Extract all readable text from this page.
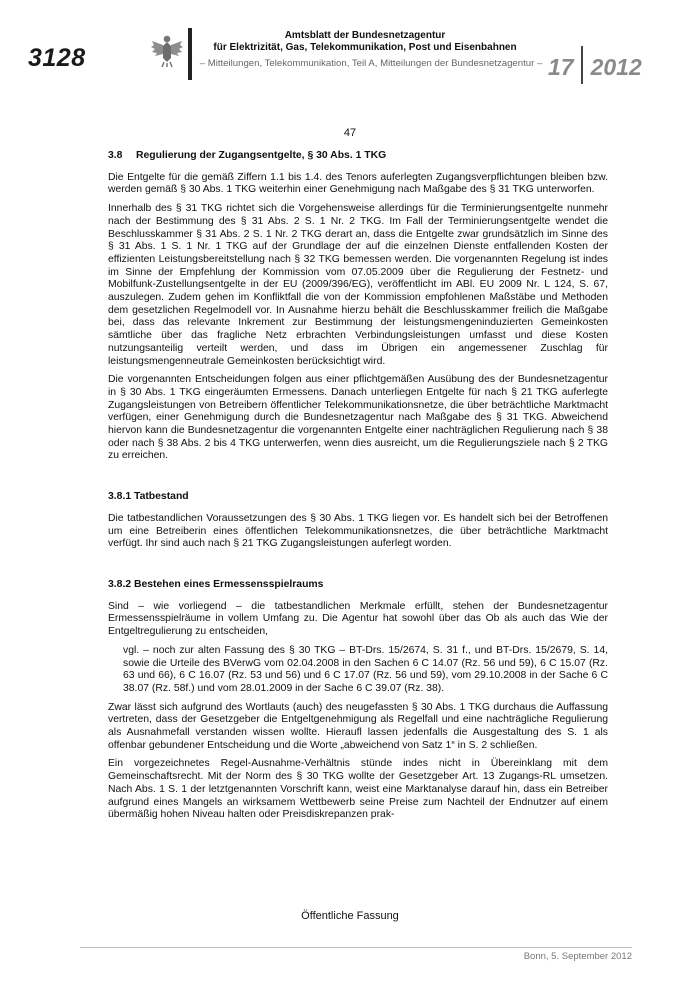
3128
Amtsblatt der Bundesnetzagentur
für Elektrizität, Gas, Telekommunikation, Post und Eisenbahnen
– Mitteilungen, Telekommunikation, Teil A, Mitteilungen der Bundesnetzagentur – 17 2012
47
3.8 Regulierung der Zugangsentgelte, § 30 Abs. 1 TKG

Die Entgelte für die gemäß Ziffern 1.1 bis 1.4. des Tenors auferlegten Zugangsverpflichtungen bleiben bzw. werden gemäß § 30 Abs. 1 TKG weiterhin einer Genehmigung nach Maßgabe des § 31 TKG unterworfen.

Innerhalb des § 31 TKG richtet sich die Vorgehensweise allerdings für die Terminierungsentgelte nunmehr nach der Bestimmung des § 31 Abs. 2 S. 1 Nr. 2 TKG. Im Fall der Terminierungsentgelte wendet die Beschlusskammer § 31 Abs. 2 S. 1 Nr. 2 TKG derart an, dass die Entgelte zwar grundsätzlich im Sinne des § 31 Abs. 1 S. 1 Nr. 1 TKG auf der Grundlage der auf die einzelnen Dienste entfallenden Kosten der effizienten Leistungsbereitstellung nach § 32 TKG bemessen werden. Die vorgenannten Regelung ist indes im Sinne der Empfehlung der Kommission vom 07.05.2009 über die Regulierung der Festnetz- und Mobilfunk-Zustellungsentgelte in der EU (2009/396/EG), veröffentlicht im ABl. EU 2009 Nr. L 124, S. 67, auszulegen. Zudem gehen im Konfliktfall die von der Kommission empfohlenen Maßstäbe und Methoden dem gesetzlichen Regelmodell vor. In Ausnahme hierzu behält die Beschlusskammer freilich die Maßgabe bei, dass das relevante Inkrement zur Bestimmung der leistungsmengeninduzierten Gemeinkosten sämtliche über das fragliche Netz erbrachten Verbindungsleistungen umfasst und diese Kosten nutzungsanteilig verteilt werden, und dass im Übrigen ein angemessener Zuschlag für leistungsmengenneutrale Gemeinkosten berücksichtigt wird.

Die vorgenannten Entscheidungen folgen aus einer pflichtgemäßen Ausübung des der Bundesnetzagentur in § 30 Abs. 1 TKG eingeräumten Ermessens. Danach unterliegen Entgelte für nach § 21 TKG auferlegte Zugangsleistungen von Betreibern öffentlicher Telekommunikationsnetze, die über beträchtliche Marktmacht verfügen, einer Genehmigung durch die Bundesnetzagentur nach Maßgabe des § 31 TKG. Abweichend hiervon kann die Bundesnetzagentur die vorgenannten Entgelte einer nachträglichen Regulierung nach § 38 oder nach § 38 Abs. 2 bis 4 TKG unterwerfen, wenn dies ausreicht, um die Regulierungsziele nach § 2 TKG zu erreichen.

3.8.1 Tatbestand

Die tatbestandlichen Voraussetzungen des § 30 Abs. 1 TKG liegen vor. Es handelt sich bei der Betroffenen um eine Betreiberin eines öffentlichen Telekommunikationsnetzes, die über beträchtliche Marktmacht verfügt. Ihr sind auch nach § 21 TKG Zugangsleistungen auferlegt worden.

3.8.2 Bestehen eines Ermessensspielraums

Sind – wie vorliegend – die tatbestandlichen Merkmale erfüllt, stehen der Bundesnetzagentur Ermessensspielräume in vollem Umfang zu. Die Agentur hat sowohl über das Ob als auch das Wie der Entgeltregulierung zu entscheiden,

vgl. – noch zur alten Fassung des § 30 TKG – BT-Drs. 15/2674, S. 31 f., und BT-Drs. 15/2679, S. 14, sowie die Urteile des BVerwG vom 02.04.2008 in den Sachen 6 C 14.07 (Rz. 56 und 59), 6 C 15.07 (Rz. 63 und 66), 6 C 16.07 (Rz. 53 und 56) und 6 C 17.07 (Rz. 56 und 59), vom 29.10.2008 in der Sache 6 C 38.07 (Rz. 58f.) und vom 28.01.2009 in der Sache 6 C 39.07 (Rz. 38).

Zwar lässt sich aufgrund des Wortlauts (auch) des neugefassten § 30 Abs. 1 TKG durchaus die Auffassung vertreten, dass der Gesetzgeber die Entgeltgenehmigung als Regelfall und eine nachträgliche Regulierung als Ausnahmefall verstanden wissen wollte. Hieraufl lassen jedenfalls die Ausgestaltung des S. 1 als offenbar gebundener Entscheidung und die Worte „abweichend von Satz 1“ in S. 2 schließen.

Ein vorgezeichnetes Regel-Ausnahme-Verhältnis stünde indes nicht in Übereinklang mit dem Gemeinschaftsrecht. Mit der Norm des § 30 TKG wollte der Gesetzgeber Art. 13 Zugangs-RL umsetzen. Nach Abs. 1 S. 1 der letztgenannten Vorschrift kann, weist eine Marktanalyse darauf hin, dass ein Betreiber aufgrund eines Mangels an wirksamem Wettbewerb seine Preise zum Nachteil der Endnutzer auf einem übermäßig hohen Niveau halten oder Preisdiskrepanzen prak-

Öffentliche Fassung
Bonn, 5. September 2012
